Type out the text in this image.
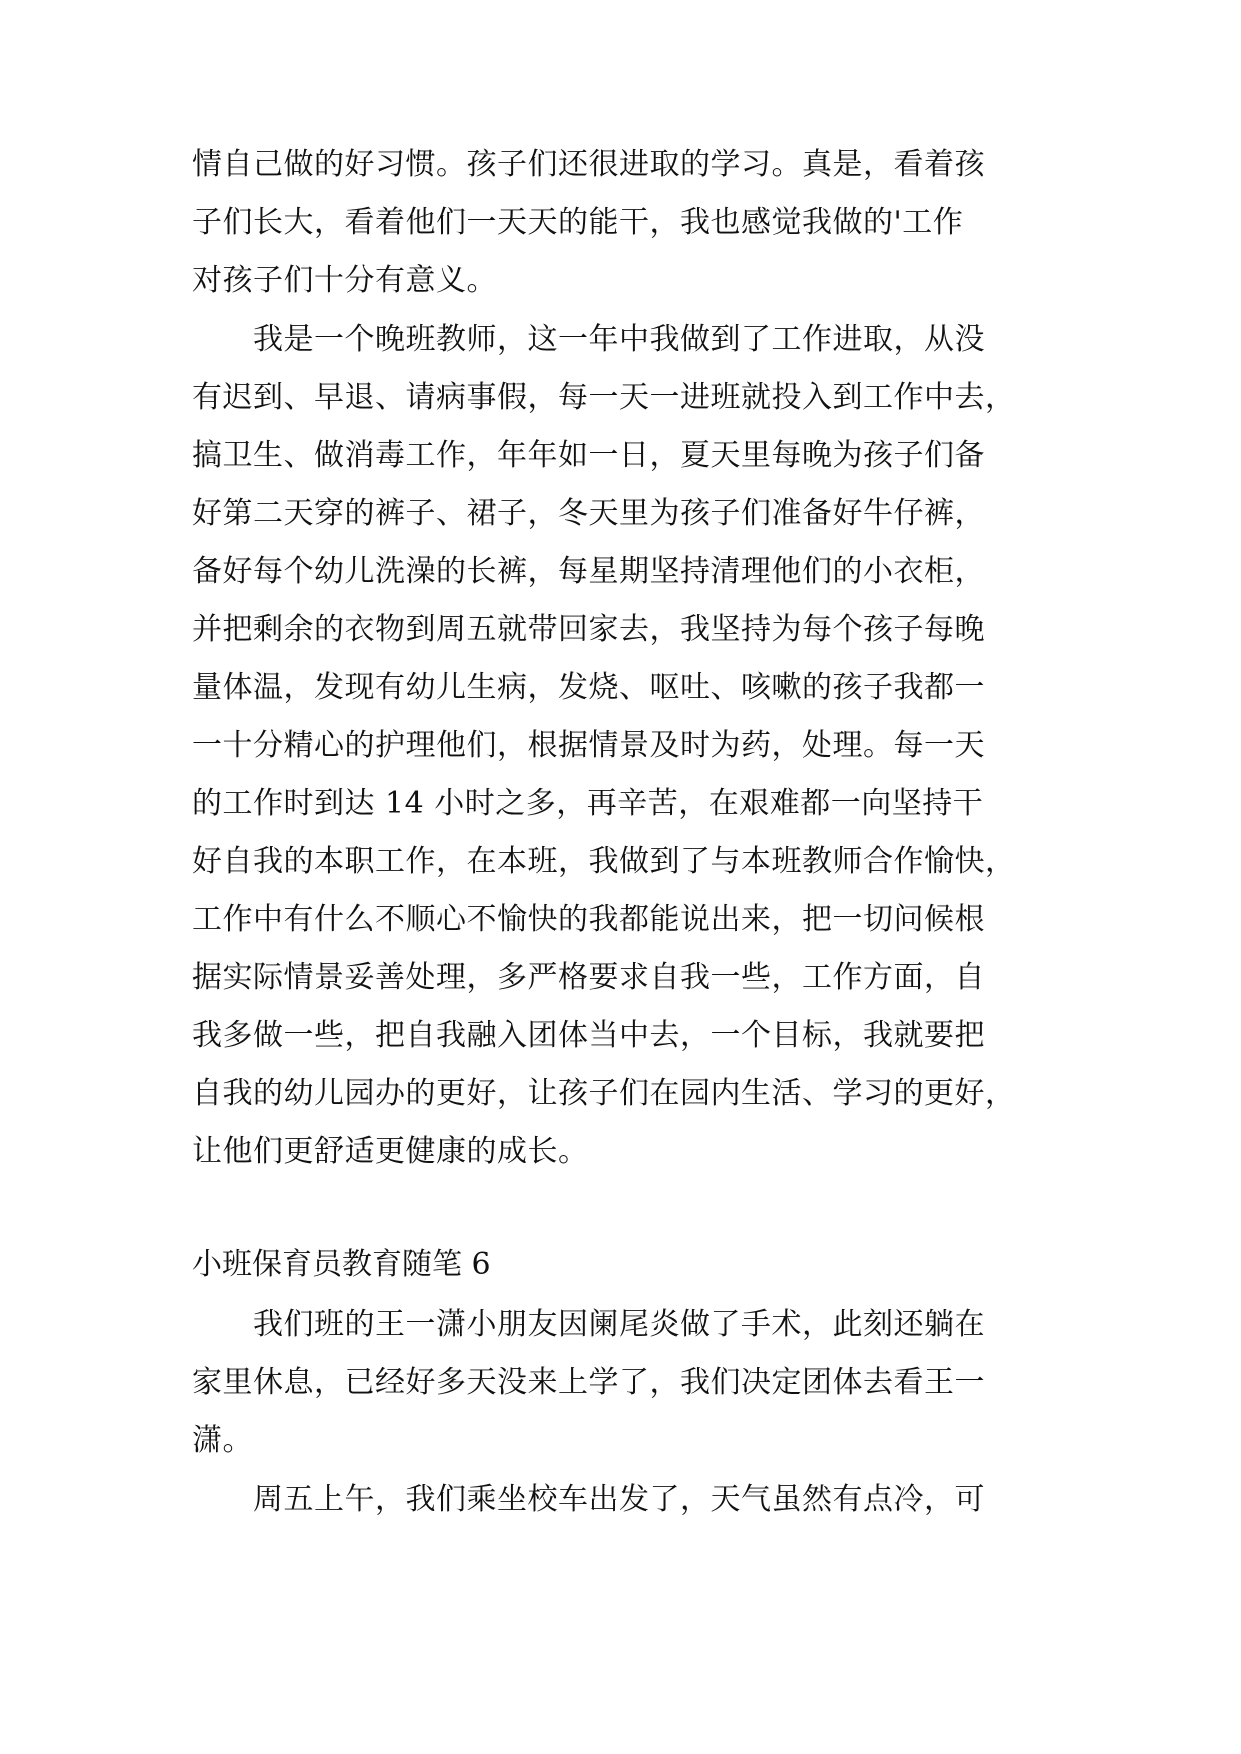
情自己做的好习惯。孩子们还很进取的学习。真是，看着孩
子们长大，看着他们一天天的能干，我也感觉我做的'工作
对孩子们十分有意义。
　　我是一个晚班教师，这一年中我做到了工作进取，从没
有迟到、早退、请病事假，每一天一进班就投入到工作中去，
搞卫生、做消毒工作，年年如一日，夏天里每晚为孩子们备
好第二天穿的裤子、裙子，冬天里为孩子们准备好牛仔裤，
备好每个幼儿洗澡的长裤，每星期坚持清理他们的小衣柜，
并把剩余的衣物到周五就带回家去，我坚持为每个孩子每晚
量体温，发现有幼儿生病，发烧、呕吐、咳嗽的孩子我都一
一十分精心的护理他们，根据情景及时为药，处理。每一天
的工作时到达 14 小时之多，再辛苦，在艰难都一向坚持干
好自我的本职工作，在本班，我做到了与本班教师合作愉快，
工作中有什么不顺心不愉快的我都能说出来，把一切问候根
据实际情景妥善处理，多严格要求自我一些，工作方面，自
我多做一些，把自我融入团体当中去，一个目标，我就要把
自我的幼儿园办的更好，让孩子们在园内生活、学习的更好，
让他们更舒适更健康的成长。
小班保育员教育随笔 6
　　我们班的王一潇小朋友因阑尾炎做了手术，此刻还躺在
家里休息，已经好多天没来上学了，我们决定团体去看王一
潇。
　　周五上午，我们乘坐校车出发了，天气虽然有点冷，可
